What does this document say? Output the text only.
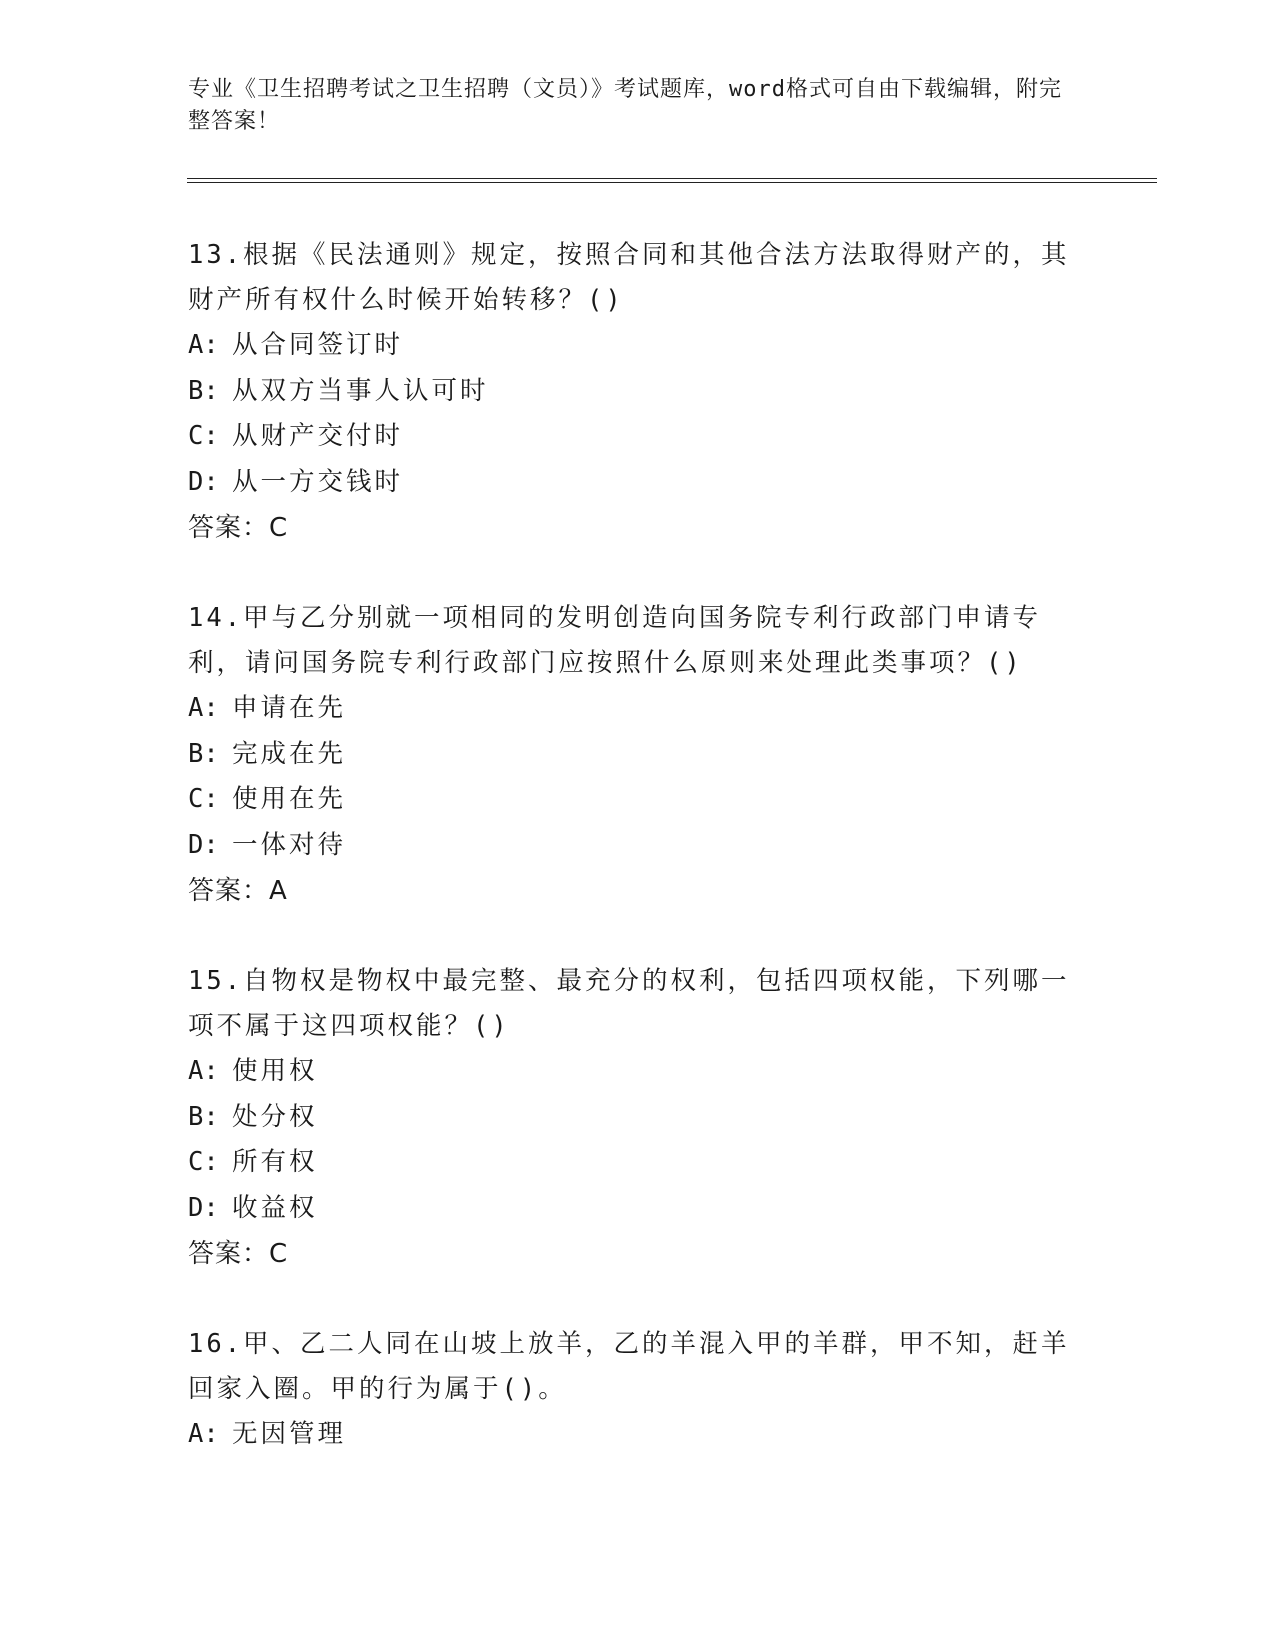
专业《卫生招聘考试之卫生招聘（文员）》考试题库，word格式可自由下载编辑，附完整答案！
13.根据《民法通则》规定，按照合同和其他合法方法取得财产的，其财产所有权什么时候开始转移？()
A: 从合同签订时
B: 从双方当事人认可时
C: 从财产交付时
D: 从一方交钱时
答案：C
14.甲与乙分别就一项相同的发明创造向国务院专利行政部门申请专利，请问国务院专利行政部门应按照什么原则来处理此类事项？()
A: 申请在先
B: 完成在先
C: 使用在先
D: 一体对待
答案：A
15.自物权是物权中最完整、最充分的权利，包括四项权能，下列哪一项不属于这四项权能？()
A: 使用权
B: 处分权
C: 所有权
D: 收益权
答案：C
16.甲、乙二人同在山坡上放羊，乙的羊混入甲的羊群，甲不知，赶羊回家入圈。甲的行为属于()。
A: 无因管理
